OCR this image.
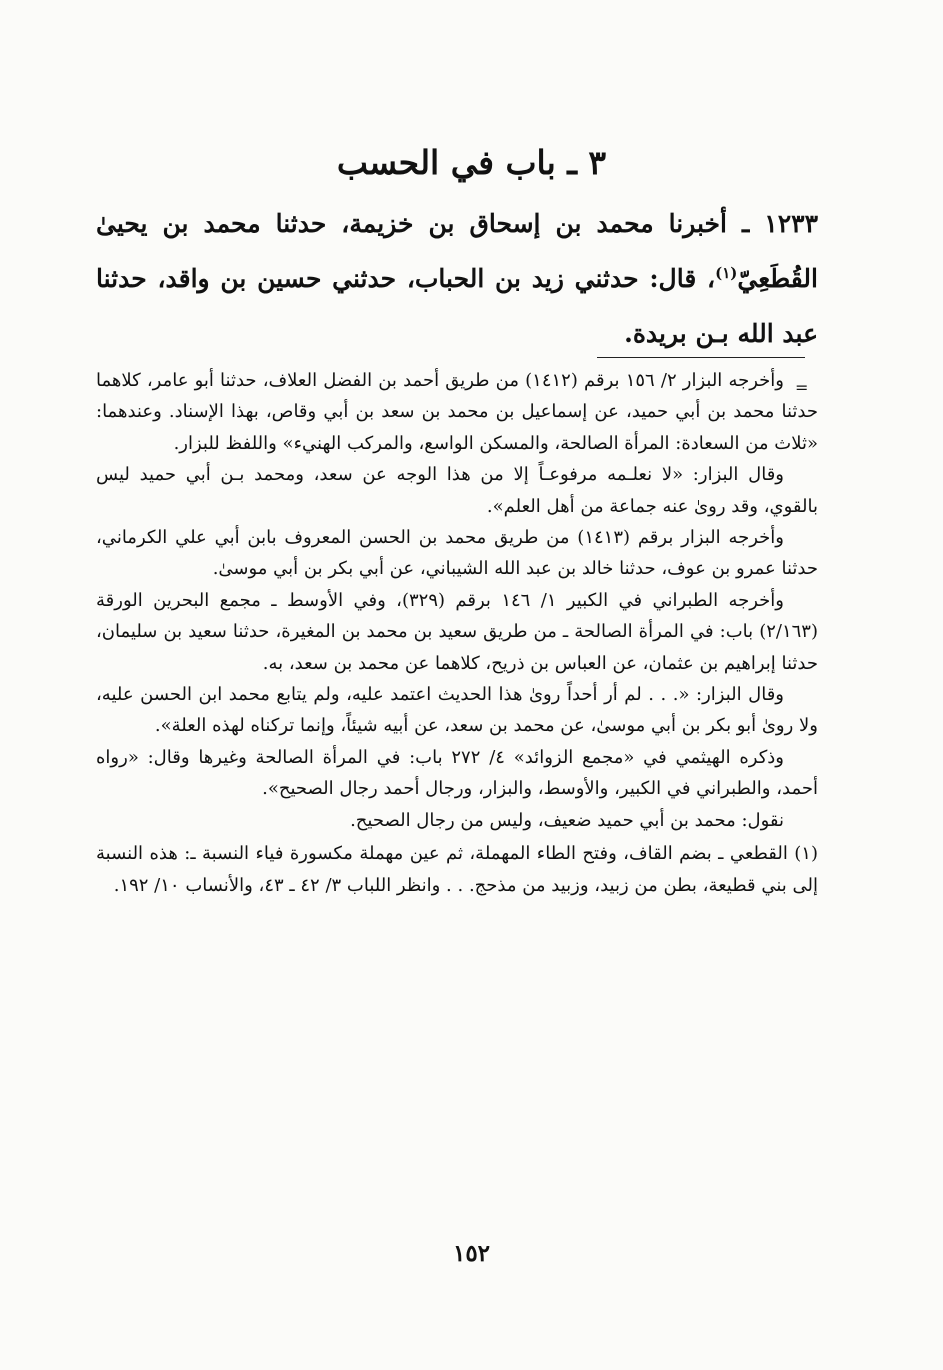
٣ ـ باب في الحسب

١٢٣٣ ـ أخبرنا محمد بن إسحاق بن خزيمة، حدثنا محمد بن يحيىٰ القُطَعِيّ$^{(١)}$، قال: حدثني زيد بن الحباب، حدثني حسين بن واقد، حدثنا عبد الله بـن بريدة.

=

وأخرجه البزار ٢/ ١٥٦ برقم (١٤١٢) من طريق أحمد بن الفضل العلاف، حدثنا أبو عامر، كلاهما حدثنا محمد بن أبي حميد، عن إسماعيل بن محمد بن سعد بن أبي وقاص، بهذا الإسناد. وعندهما: «ثلاث من السعادة: المرأة الصالحة، والمسكن الواسع، والمركب الهنيء» واللفظ للبزار.

وقال البزار: «لا نعلـمه مرفوعـاً إلا من هذا الوجه عن سعد، ومحمد بـن أبي حميد ليس بالقوي، وقد روىٰ عنه جماعة من أهل العلم».

وأخرجه البزار برقم (١٤١٣) من طريق محمد بن الحسن المعروف بابن أبي علي الكرماني، حدثنا عمرو بن عوف، حدثنا خالد بن عبد الله الشيباني، عن أبي بكر بن أبي موسىٰ.

وأخرجه الطبراني في الكبير ١/ ١٤٦ برقم (٣٢٩)، وفي الأوسط ـ مجمع البحرين الورقة (٢/١٦٣) باب: في المرأة الصالحة ـ من طريق سعيد بن محمد بن المغيرة، حدثنا سعيد بن سليمان، حدثنا إبراهيم بن عثمان، عن العباس بن ذريح، كلاهما عن محمد بن سعد، به.

وقال البزار: «. . . لم أر أحداً روىٰ هذا الحديث اعتمد عليه، ولم يتابع محمد ابن الحسن عليه، ولا روىٰ أبو بكر بن أبي موسىٰ، عن محمد بن سعد، عن أبيه شيئاً، وإنما تركناه لهذه العلة».

وذكره الهيثمي في «مجمع الزوائد» ٤/ ٢٧٢ باب: في المرأة الصالحة وغيرها وقال: «رواه أحمد، والطبراني في الكبير، والأوسط، والبزار، ورجال أحمد رجال الصحيح».

نقول: محمد بن أبي حميد ضعيف، وليس من رجال الصحيح.

(١) القطعي ـ بضم القاف، وفتح الطاء المهملة، ثم عين مهملة مكسورة فياء النسبة ـ: هذه النسبة إلى بني قطيعة، بطن من زبيد، وزبيد من مذحج. . . وانظر اللباب ٣/ ٤٢ ـ ٤٣، والأنساب ١٠/ ١٩٢.

١٥٢
